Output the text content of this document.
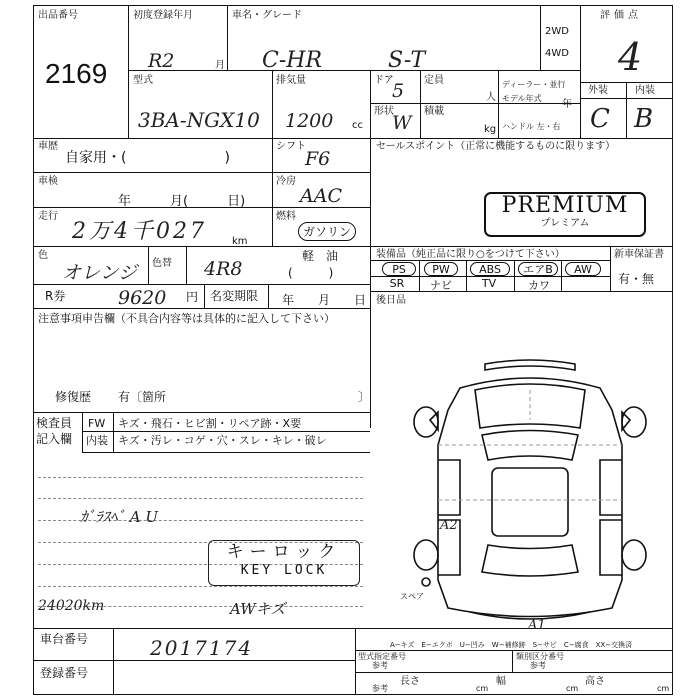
出品番号
2169
初度登録年月
R2	月
車名・グレード
C-HR	S-T
2WD
4WD
評価点
4
外装	内装
C B
型式
3BA-NGX10
排気量
1200 cc
ドア
5
形状
W
定員
人
積載
kg
ディーラー・並行
モデル年式
年
ハンドル 左・右
車歴
自家用・(　　　　　　　)
シフト
F6
セールスポイント（正常に機能するものに限ります）
PREMIUM
プレミアム
車検
年　　　月(　　　日)
冷房
AAC
走行
2万4千027	km
燃料
ガソリン
軽　油
(　　　)
色
オレンジ 色替 4R8
装備品（純正品に限り○をつけて下さい）	新車保証書
有・無
PS	PW	ABS	エアB	AW
SR	ナビ	TV	カワ
後日品
R券	9620 円 名変期限 年　　月　　日
注意事項申告欄（不具合内容等は具体的に記入して下さい）
修復歴 有〔箇所	〕
検査員
記入欄
FW キズ・飛石・ヒビ割・リペア跡・X要
内装 キズ・汚レ・コゲ・穴・スレ・キレ・破レ
ｶﾞﾗｽﾍﾞ A U
キーロック
KEY LOCK
24020km	AWキズ
車台番号	2017174
登録番号
型式指定番号
参考
類別区分番号
参考
参考
長さ
cm
幅
cm
高さ
cm
A−キズ　E−エクボ　U−凹み　W−補修跡　S−サビ　C−腐食　XX−交換済
スペア
A2
A1
